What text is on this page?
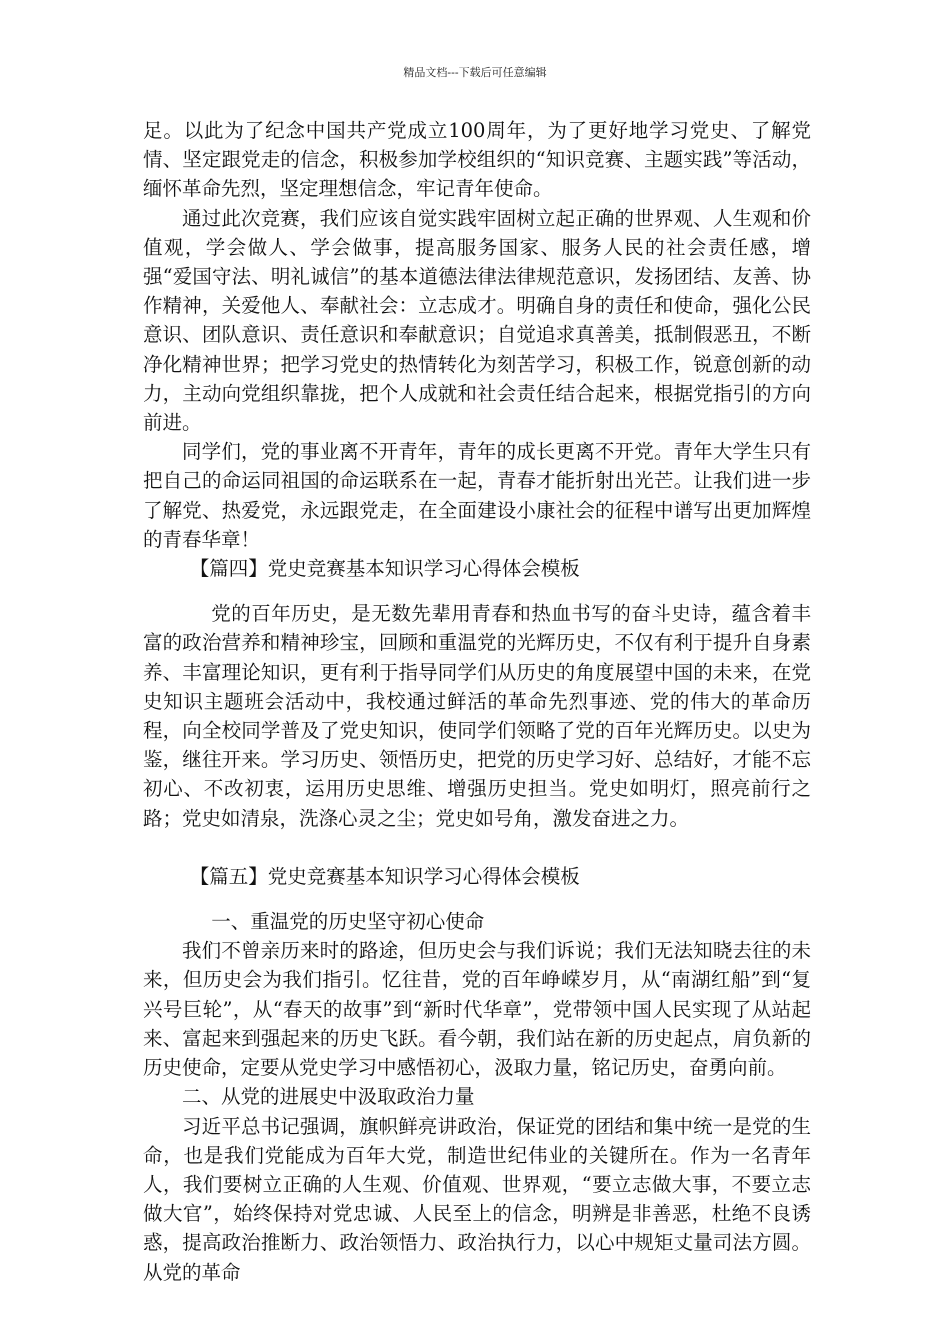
精品文档---下载后可任意编辑

足。以此为了纪念中国共产党成立100周年，为了更好地学习党史、了解党情、坚定跟党走的信念，积极参加学校组织的“知识竞赛、主题实践”等活动，缅怀革命先烈，坚定理想信念，牢记青年使命。

通过此次竞赛，我们应该自觉实践牢固树立起正确的世界观、人生观和价值观，学会做人、学会做事，提高服务国家、服务人民的社会责任感，增强“爱国守法、明礼诚信”的基本道德法律法律规范意识，发扬团结、友善、协作精神，关爱他人、奉献社会：立志成才。明确自身的责任和使命，强化公民意识、团队意识、责任意识和奉献意识；自觉追求真善美，抵制假恶丑，不断净化精神世界；把学习党史的热情转化为刻苦学习，积极工作，锐意创新的动力，主动向党组织靠拢，把个人成就和社会责任结合起来，根据党指引的方向前进。

同学们，党的事业离不开青年，青年的成长更离不开党。青年大学生只有把自己的命运同祖国的命运联系在一起，青春才能折射出光芒。让我们进一步了解党、热爱党，永远跟党走，在全面建设小康社会的征程中谱写出更加辉煌的青春华章！

【篇四】党史竞赛基本知识学习心得体会模板

党的百年历史，是无数先辈用青春和热血书写的奋斗史诗，蕴含着丰富的政治营养和精神珍宝，回顾和重温党的光辉历史，不仅有利于提升自身素养、丰富理论知识，更有利于指导同学们从历史的角度展望中国的未来，在党史知识主题班会活动中，我校通过鲜活的革命先烈事迹、党的伟大的革命历程，向全校同学普及了党史知识，使同学们领略了党的百年光辉历史。以史为鉴，继往开来。学习历史、领悟历史，把党的历史学习好、总结好，才能不忘初心、不改初衷，运用历史思维、增强历史担当。党史如明灯，照亮前行之路；党史如清泉，洗涤心灵之尘；党史如号角，激发奋进之力。

【篇五】党史竞赛基本知识学习心得体会模板

一、重温党的历史坚守初心使命

我们不曾亲历来时的路途，但历史会与我们诉说；我们无法知晓去往的未来，但历史会为我们指引。忆往昔，党的百年峥嵘岁月，从“南湖红船”到“复兴号巨轮”，从“春天的故事”到“新时代华章”，党带领中国人民实现了从站起来、富起来到强起来的历史飞跃。看今朝，我们站在新的历史起点，肩负新的历史使命，定要从党史学习中感悟初心，汲取力量，铭记历史，奋勇向前。

二、从党的进展史中汲取政治力量

习近平总书记强调，旗帜鲜亮讲政治，保证党的团结和集中统一是党的生命，也是我们党能成为百年大党，制造世纪伟业的关键所在。作为一名青年人，我们要树立正确的人生观、价值观、世界观，“要立志做大事，不要立志做大官”，始终保持对党忠诚、人民至上的信念，明辨是非善恶，杜绝不良诱惑，提高政治推断力、政治领悟力、政治执行力，以心中规矩丈量司法方圆。从党的革命
